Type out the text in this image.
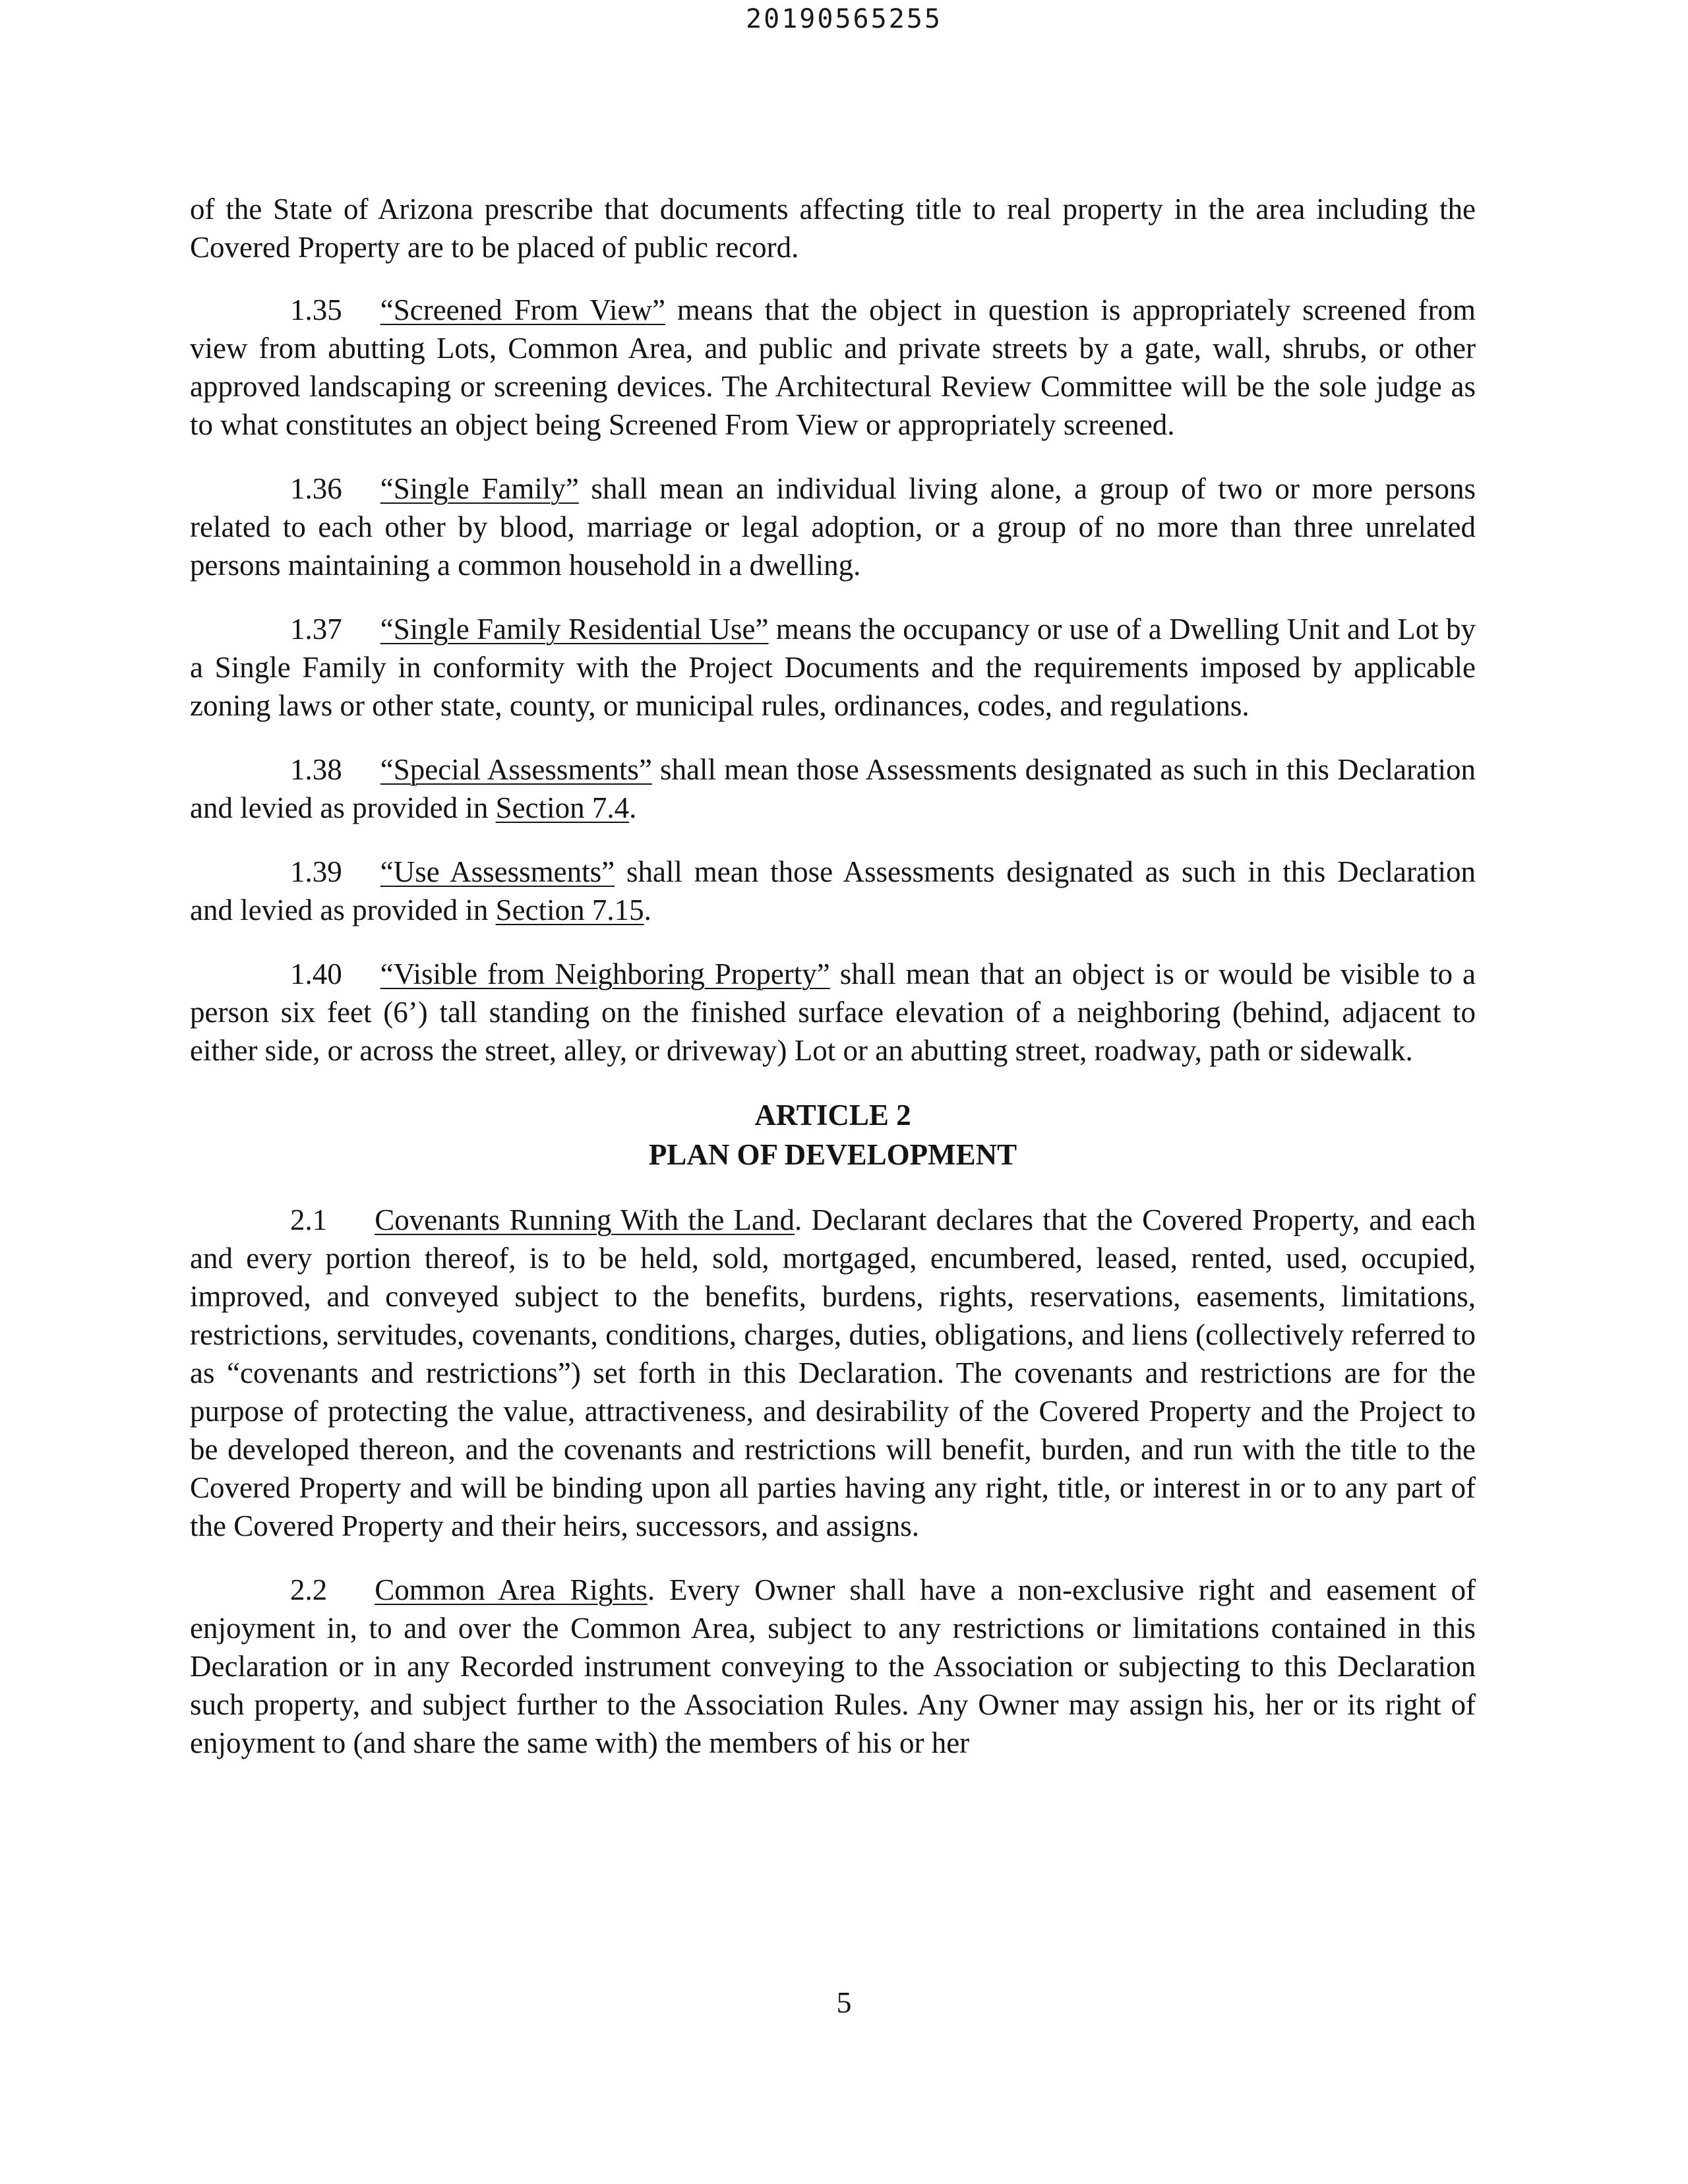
20190565255

of the State of Arizona prescribe that documents affecting title to real property in the area including the Covered Property are to be placed of public record.

1.35 “Screened From View” means that the object in question is appropriately screened from view from abutting Lots, Common Area, and public and private streets by a gate, wall, shrubs, or other approved landscaping or screening devices. The Architectural Review Committee will be the sole judge as to what constitutes an object being Screened From View or appropriately screened.

1.36 “Single Family” shall mean an individual living alone, a group of two or more persons related to each other by blood, marriage or legal adoption, or a group of no more than three unrelated persons maintaining a common household in a dwelling.

1.37 “Single Family Residential Use” means the occupancy or use of a Dwelling Unit and Lot by a Single Family in conformity with the Project Documents and the requirements imposed by applicable zoning laws or other state, county, or municipal rules, ordinances, codes, and regulations.

1.38 “Special Assessments” shall mean those Assessments designated as such in this Declaration and levied as provided in Section 7.4.

1.39 “Use Assessments” shall mean those Assessments designated as such in this Declaration and levied as provided in Section 7.15.

1.40 “Visible from Neighboring Property” shall mean that an object is or would be visible to a person six feet (6’) tall standing on the finished surface elevation of a neighboring (behind, adjacent to either side, or across the street, alley, or driveway) Lot or an abutting street, roadway, path or sidewalk.

ARTICLE 2
PLAN OF DEVELOPMENT

2.1 Covenants Running With the Land. Declarant declares that the Covered Property, and each and every portion thereof, is to be held, sold, mortgaged, encumbered, leased, rented, used, occupied, improved, and conveyed subject to the benefits, burdens, rights, reservations, easements, limitations, restrictions, servitudes, covenants, conditions, charges, duties, obligations, and liens (collectively referred to as “covenants and restrictions”) set forth in this Declaration. The covenants and restrictions are for the purpose of protecting the value, attractiveness, and desirability of the Covered Property and the Project to be developed thereon, and the covenants and restrictions will benefit, burden, and run with the title to the Covered Property and will be binding upon all parties having any right, title, or interest in or to any part of the Covered Property and their heirs, successors, and assigns.

2.2 Common Area Rights. Every Owner shall have a non-exclusive right and easement of enjoyment in, to and over the Common Area, subject to any restrictions or limitations contained in this Declaration or in any Recorded instrument conveying to the Association or subjecting to this Declaration such property, and subject further to the Association Rules. Any Owner may assign his, her or its right of enjoyment to (and share the same with) the members of his or her

5
